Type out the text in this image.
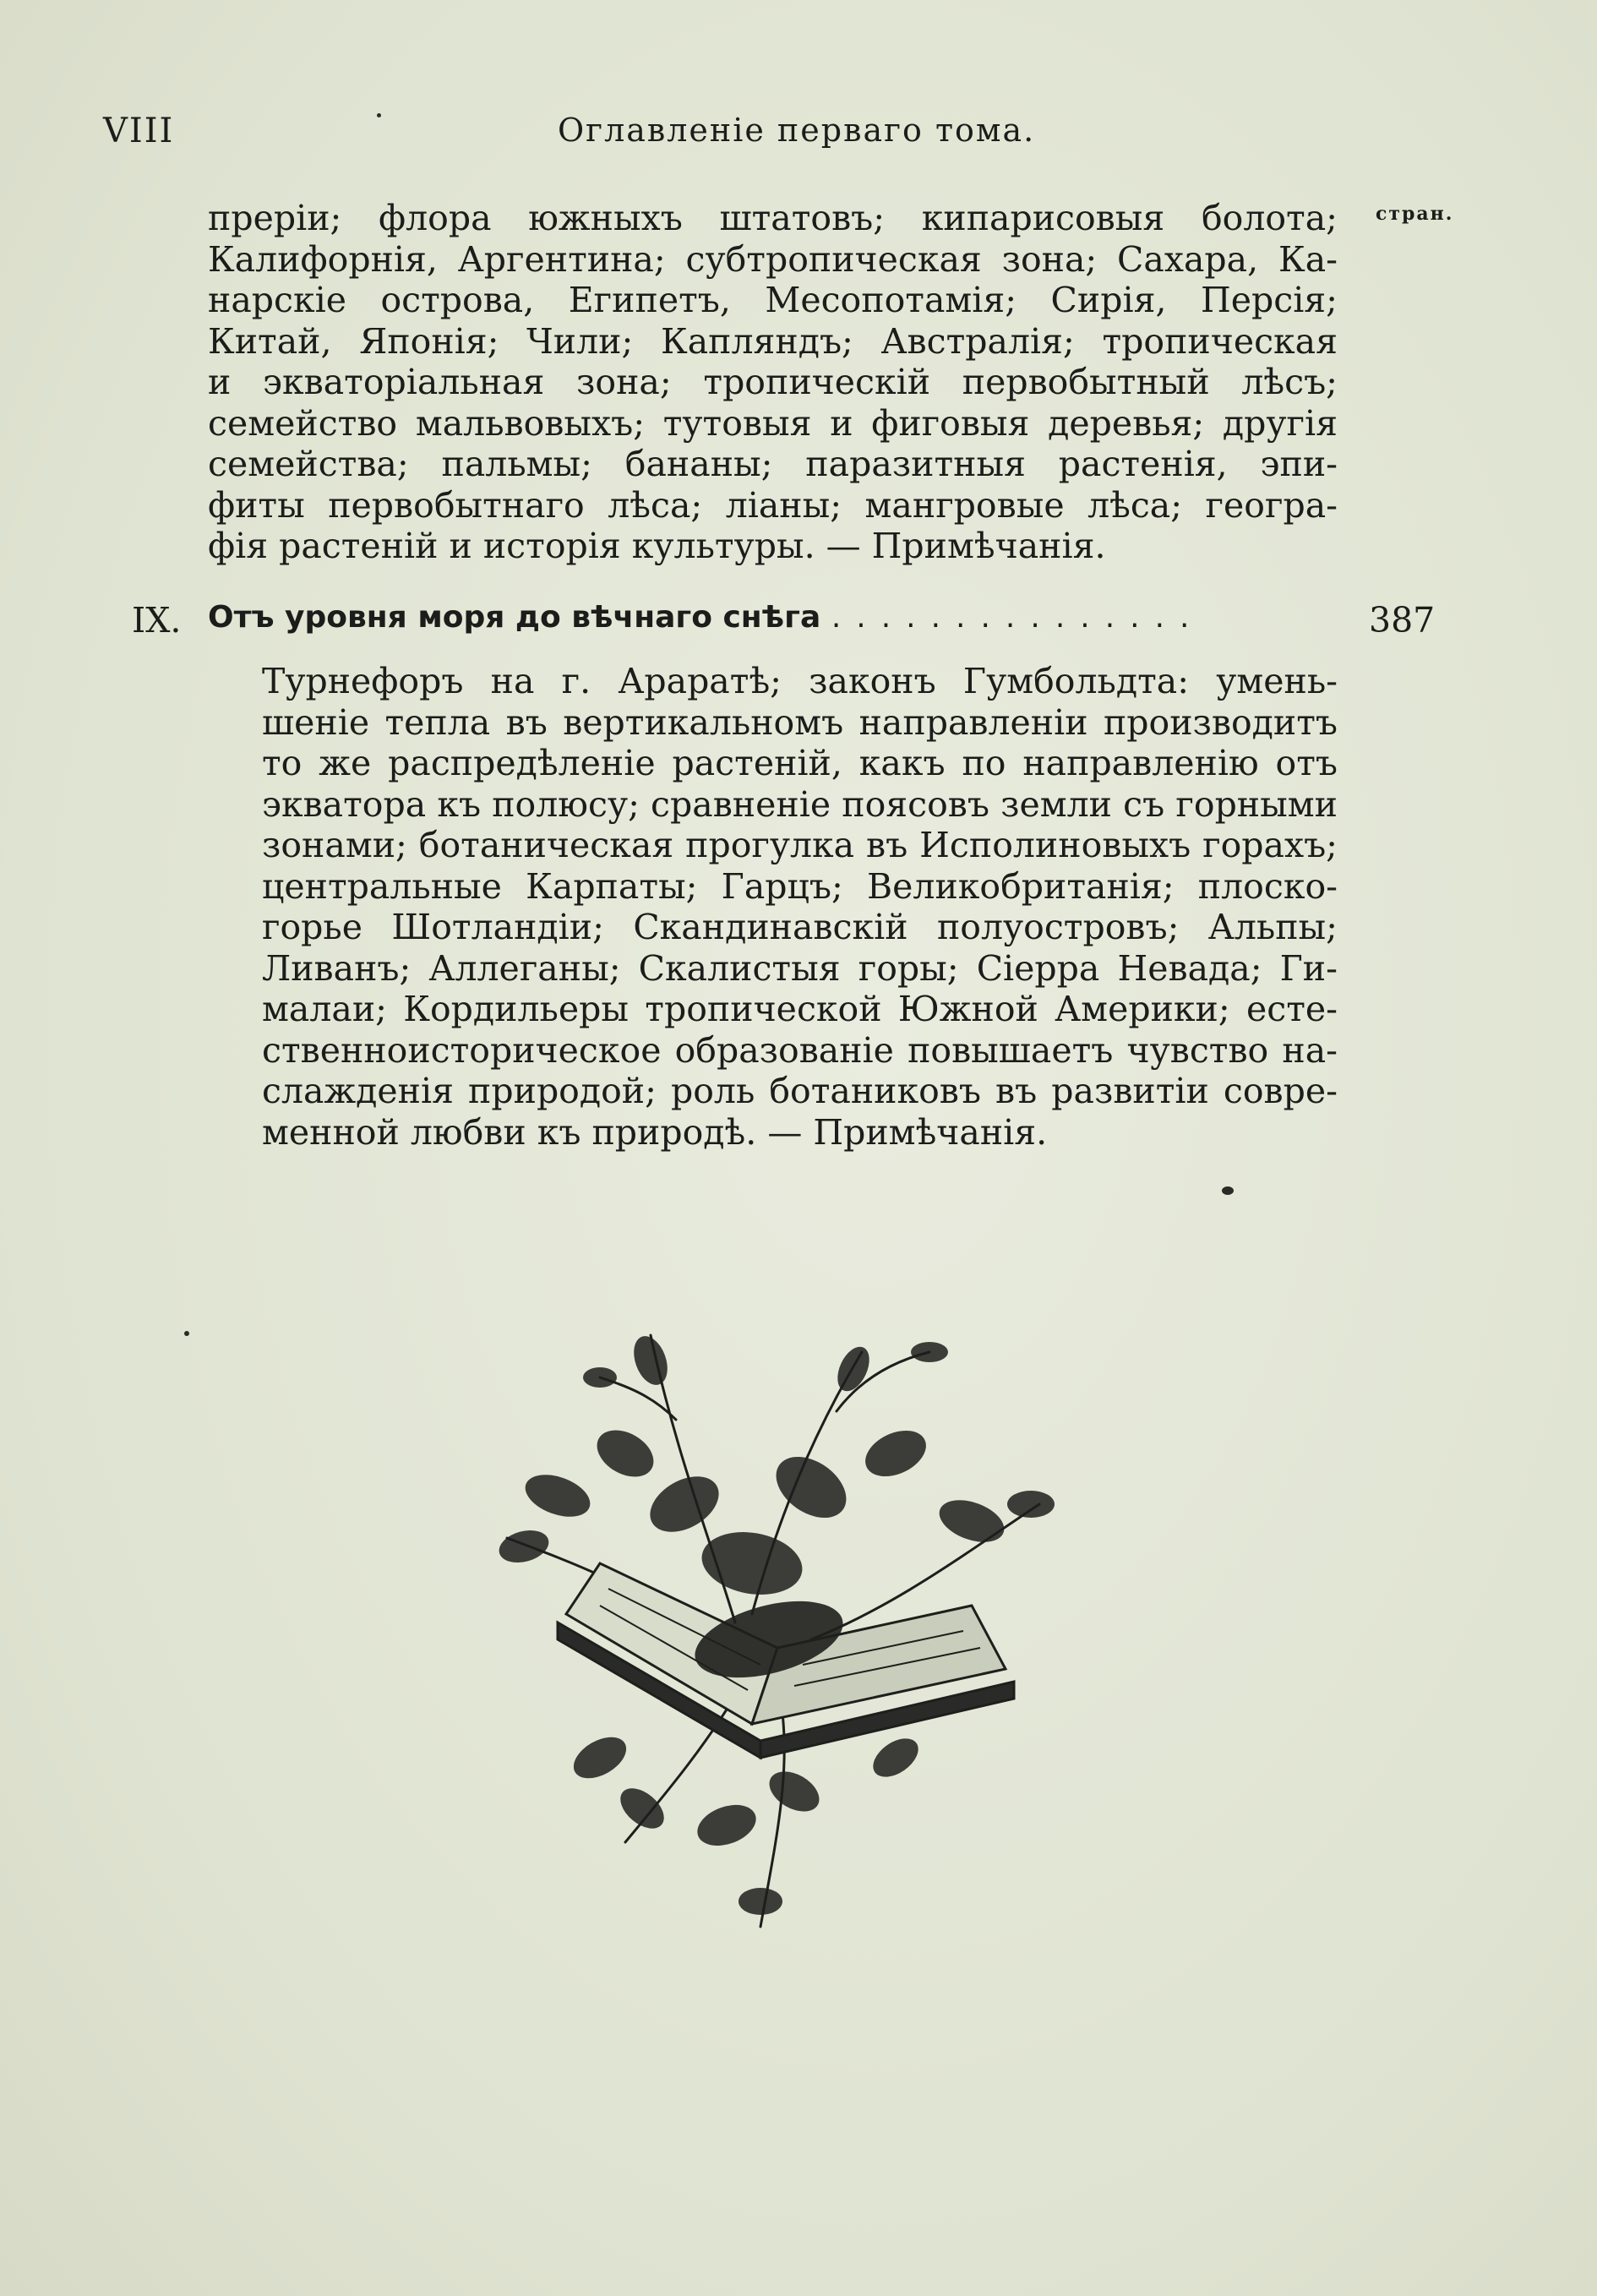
VIII	Оглавленіе перваго тома.
стран.
преріи; флора южныхъ штатовъ; кипарисовыя болота;
Калифорнія, Аргентина; субтропическая зона; Сахара, Ка-
нарскіе острова, Египетъ, Месопотамія; Сирія, Персія;
Китай, Японія; Чили; Капляндъ; Австралія; тропическая
и экваторіальная зона; тропическій первобытный лѣсъ;
семейство мальвовыхъ; тутовыя и фиговыя деревья; другія
семейства; пальмы; бананы; паразитныя растенія, эпи-
фиты первобытнаго лѣса; ліаны; мангровые лѣса; геогра-
фія растеній и исторія культуры. — Примѣчанія.
IX. Отъ уровня моря до вѣчнаго снѣга ...............	387
Турнефоръ на г. Араратѣ; законъ Гумбольдта: умень-
шеніе тепла въ вертикальномъ направленіи производитъ
то же распредѣленіе растеній, какъ по направленію отъ
экватора къ полюсу; сравненіе поясовъ земли съ горными
зонами; ботаническая прогулка въ Исполиновыхъ горахъ;
центральные Карпаты; Гарцъ; Великобританія; плоско-
горье Шотландіи; Скандинавскій полуостровъ; Альпы;
Ливанъ; Аллеганы; Скалистыя горы; Сіерра Невада; Ги-
малаи; Кордильеры тропической Южной Америки; есте-
ственноисторическое образованіе повышаетъ чувство на-
слажденія природой; роль ботаниковъ въ развитіи совре-
менной любви къ природѣ. — Примѣчанія.
